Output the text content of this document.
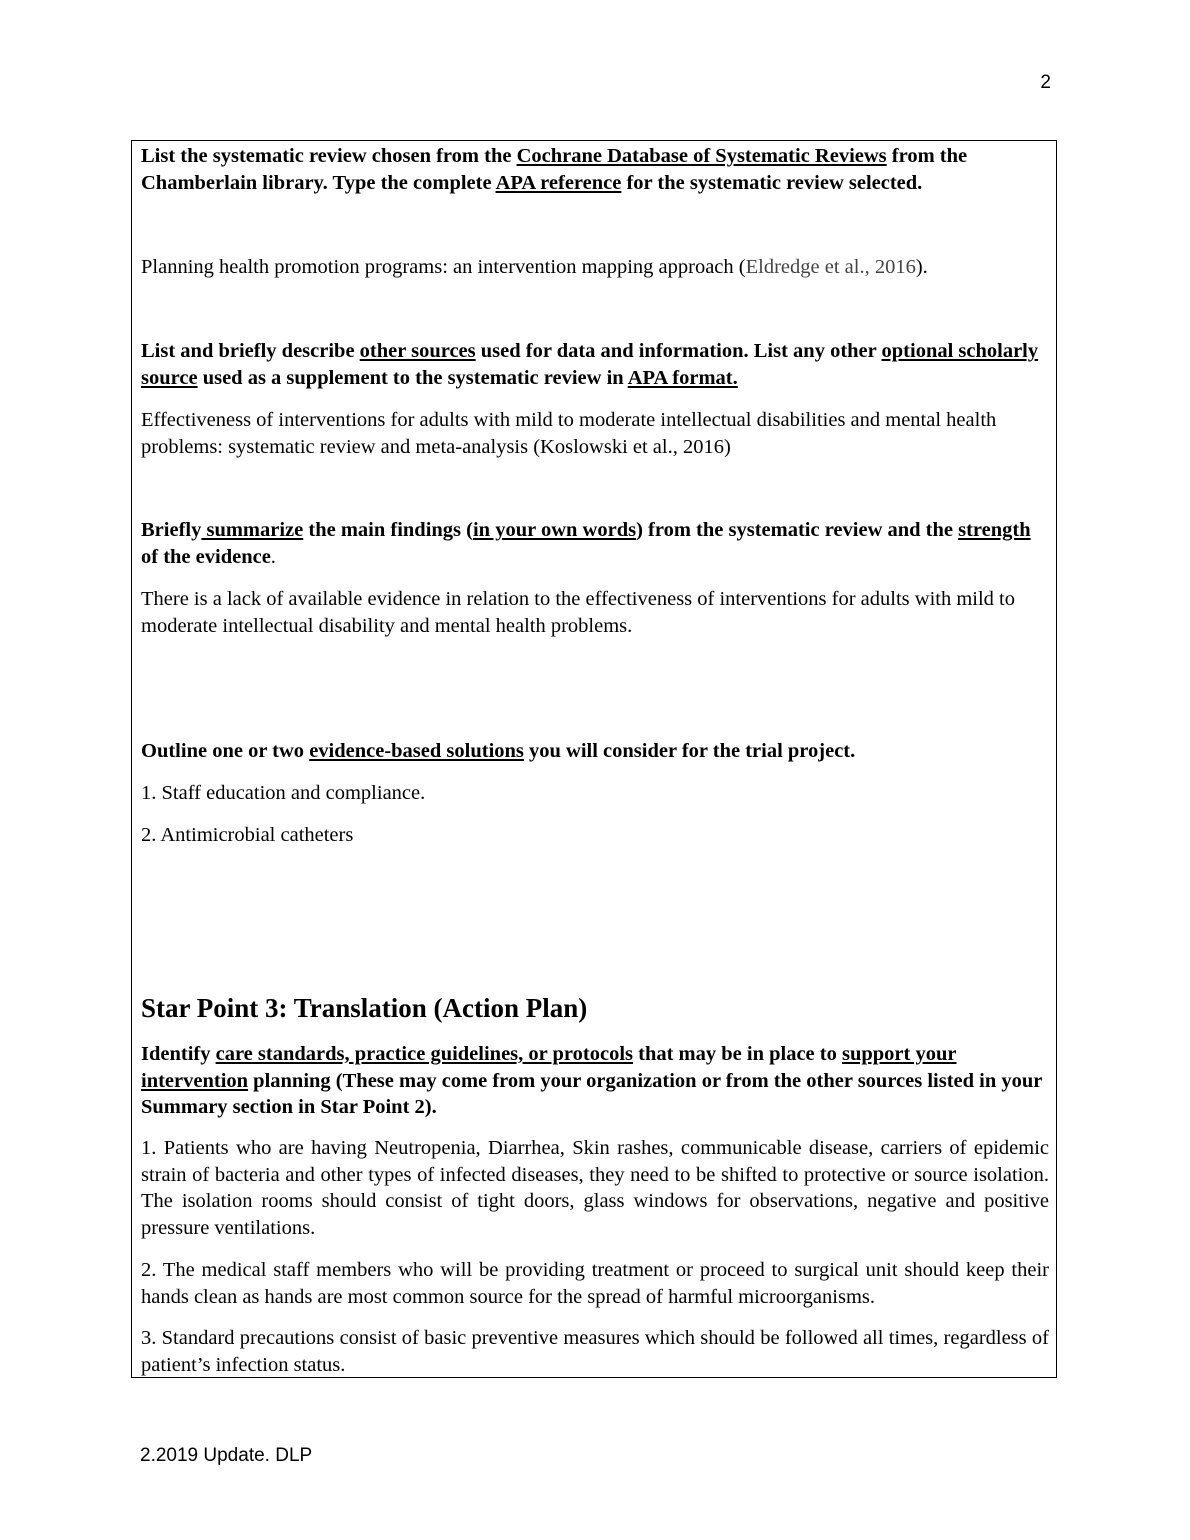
2

List the systematic review chosen from the Cochrane Database of Systematic Reviews from the Chamberlain library. Type the complete APA reference for the systematic review selected.

Planning health promotion programs: an intervention mapping approach (Eldredge et al., 2016).

List and briefly describe other sources used for data and information. List any other optional scholarly source used as a supplement to the systematic review in APA format.

Effectiveness of interventions for adults with mild to moderate intellectual disabilities and mental health problems: systematic review and meta-analysis (Koslowski et al., 2016)

Briefly summarize the main findings (in your own words) from the systematic review and the strength of the evidence.

There is a lack of available evidence in relation to the effectiveness of interventions for adults with mild to moderate intellectual disability and mental health problems.

Outline one or two evidence-based solutions you will consider for the trial project.

1. Staff education and compliance.

2. Antimicrobial catheters

Star Point 3: Translation (Action Plan)

Identify care standards, practice guidelines, or protocols that may be in place to support your intervention planning (These may come from your organization or from the other sources listed in your Summary section in Star Point 2).

1. Patients who are having Neutropenia, Diarrhea, Skin rashes, communicable disease, carriers of epidemic strain of bacteria and other types of infected diseases, they need to be shifted to protective or source isolation. The isolation rooms should consist of tight doors, glass windows for observations, negative and positive pressure ventilations.

2. The medical staff members who will be providing treatment or proceed to surgical unit should keep their hands clean as hands are most common source for the spread of harmful microorganisms.

3. Standard precautions consist of basic preventive measures which should be followed all times, regardless of patient’s infection status.

2.2019 Update. DLP
